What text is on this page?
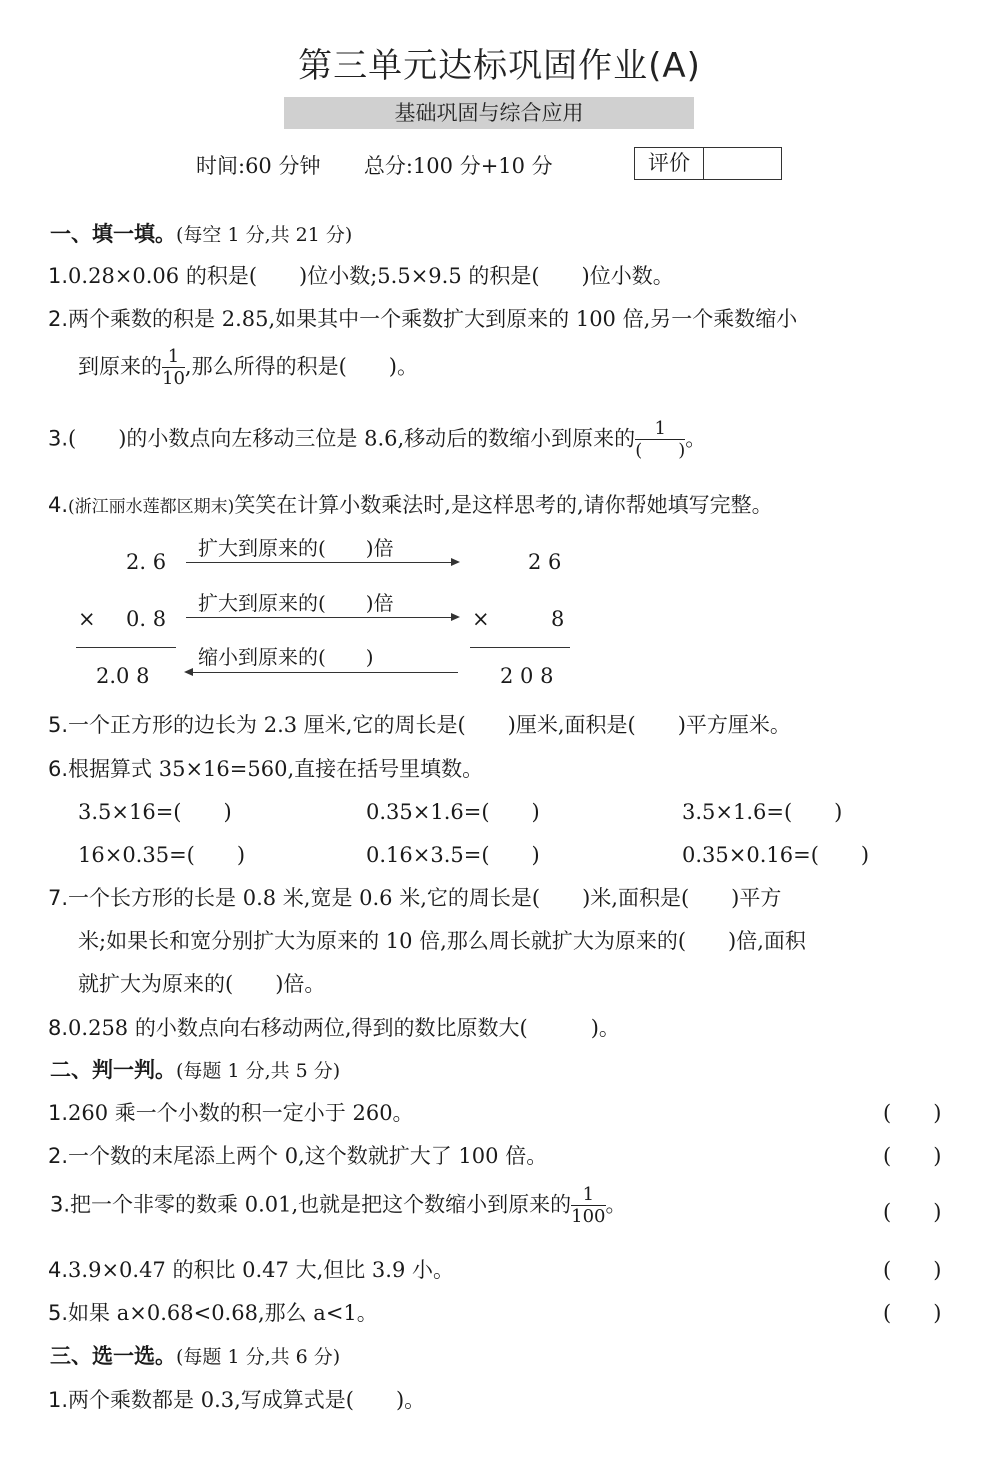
第三单元达标巩固作业(A)
基础巩固与综合应用
时间:60 分钟 总分:100 分+10 分	评价
一、填一填。(每空 1 分,共 21 分)
1.0.28×0.06 的积是(　　)位小数;5.5×9.5 的积是(　　)位小数。
2.两个乘数的积是 2.85,如果其中一个乘数扩大到原来的 100 倍,另一个乘数缩小
到原来的 $\frac{1}{10}$ ,那么所得的积是(　　)。
3.(　　)的小数点向左移动三位是 8.6,移动后的数缩小到原来的 $\frac{1}{( )}$ 。
4.(浙江丽水莲都区期末)笑笑在计算小数乘法时,是这样思考的,请你帮她填写完整。
2. 6
× 0. 8
2.0 8
扩大到原来的(　　)倍
扩大到原来的(　　)倍
缩小到原来的(　　)
2 6
×	8
2 0 8
5.一个正方形的边长为 2.3 厘米,它的周长是(　　)厘米,面积是(　　)平方厘米。
6.根据算式 35×16=560,直接在括号里填数。
3.5×16=(　　)	0.35×1.6=(　　)	3.5×1.6=(　　)
16×0.35=(　　)	0.16×3.5=(　　)	0.35×0.16=(　　)
7.一个长方形的长是 0.8 米,宽是 0.6 米,它的周长是(　　)米,面积是(　　)平方
米;如果长和宽分别扩大为原来的 10 倍,那么周长就扩大为原来的(　　)倍,面积
就扩大为原来的(　　)倍。
8.0.258 的小数点向右移动两位,得到的数比原数大(　　　)。
二、判一判。(每题 1 分,共 5 分)
1.260 乘一个小数的积一定小于 260。	(　　)
2.一个数的末尾添上两个 0,这个数就扩大了 100 倍。	(　　)
3.把一个非零的数乘 0.01,也就是把这个数缩小到原来的 $\frac{1}{100}$ 。	(　　)
4.3.9×0.47 的积比 0.47 大,但比 3.9 小。	(　　)
5.如果 a×0.68<0.68,那么 a<1。	(　　)
三、选一选。(每题 1 分,共 6 分)
1.两个乘数都是 0.3,写成算式是(　　)。
